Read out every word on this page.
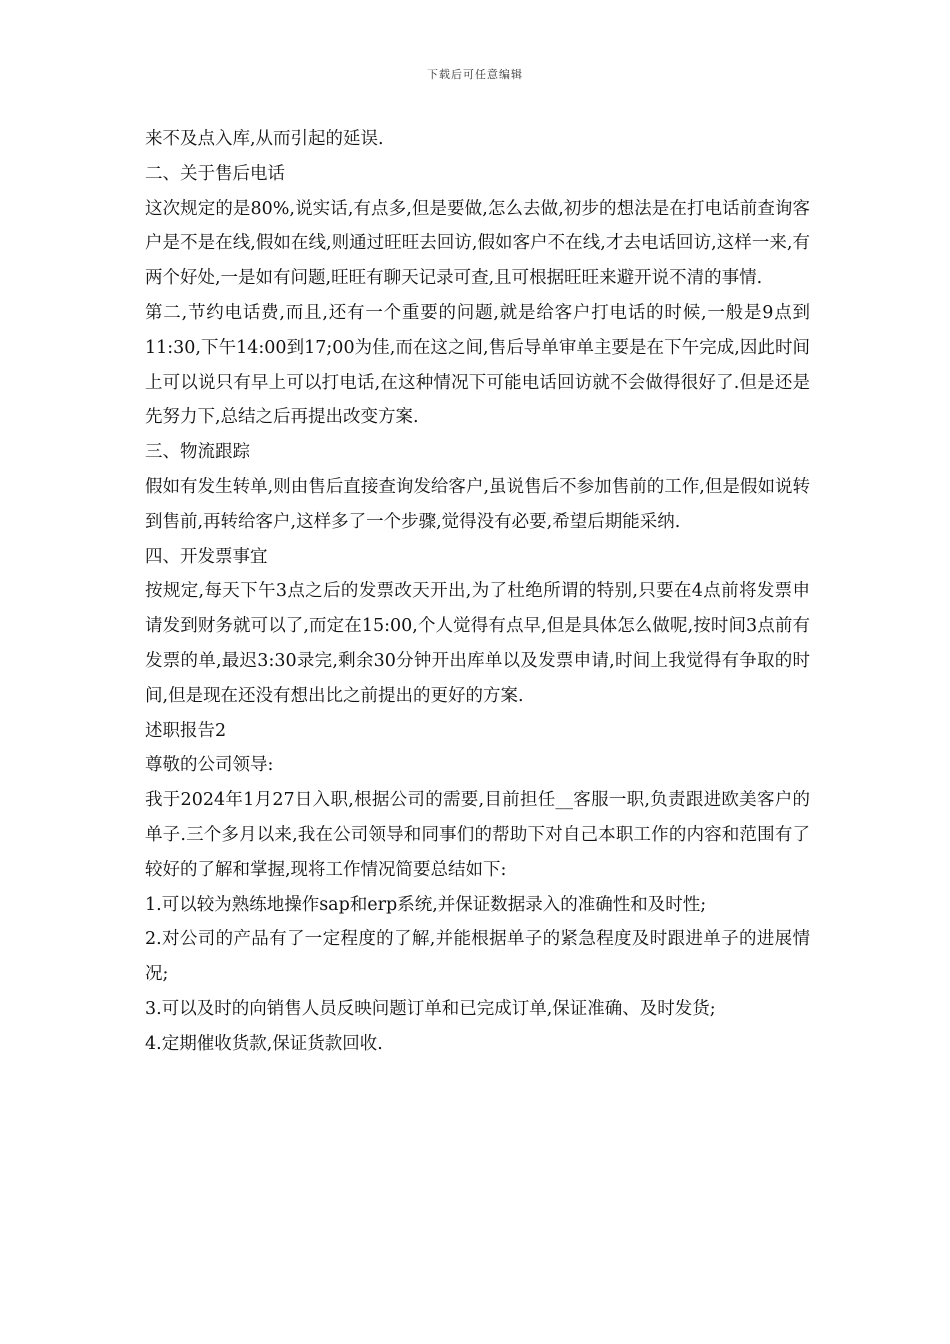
下载后可任意编辑

来不及点入库,从而引起的延误.

二、关于售后电话

这次规定的是80%,说实话,有点多,但是要做,怎么去做,初步的想法是在打电话前查询客户是不是在线,假如在线,则通过旺旺去回访,假如客户不在线,才去电话回访,这样一来,有两个好处,一是如有问题,旺旺有聊天记录可查,且可根据旺旺来避开说不清的事情.

第二,节约电话费,而且,还有一个重要的问题,就是给客户打电话的时候,一般是9点到11:30,下午14:00到17;00为佳,而在这之间,售后导单审单主要是在下午完成,因此时间上可以说只有早上可以打电话,在这种情况下可能电话回访就不会做得很好了.但是还是先努力下,总结之后再提出改变方案.

三、物流跟踪

假如有发生转单,则由售后直接查询发给客户,虽说售后不参加售前的工作,但是假如说转到售前,再转给客户,这样多了一个步骤,觉得没有必要,希望后期能采纳.

四、开发票事宜

按规定,每天下午3点之后的发票改天开出,为了杜绝所谓的特别,只要在4点前将发票申请发到财务就可以了,而定在15:00,个人觉得有点早,但是具体怎么做呢,按时间3点前有发票的单,最迟3:30录完,剩余30分钟开出库单以及发票申请,时间上我觉得有争取的时间,但是现在还没有想出比之前提出的更好的方案.

述职报告2

尊敬的公司领导:

我于2024年1月27日入职,根据公司的需要,目前担任__客服一职,负责跟进欧美客户的单子.三个多月以来,我在公司领导和同事们的帮助下对自己本职工作的内容和范围有了较好的了解和掌握,现将工作情况简要总结如下:

1.可以较为熟练地操作sap和erp系统,并保证数据录入的准确性和及时性;

2.对公司的产品有了一定程度的了解,并能根据单子的紧急程度及时跟进单子的进展情况;

3.可以及时的向销售人员反映问题订单和已完成订单,保证准确、及时发货;

4.定期催收货款,保证货款回收.
